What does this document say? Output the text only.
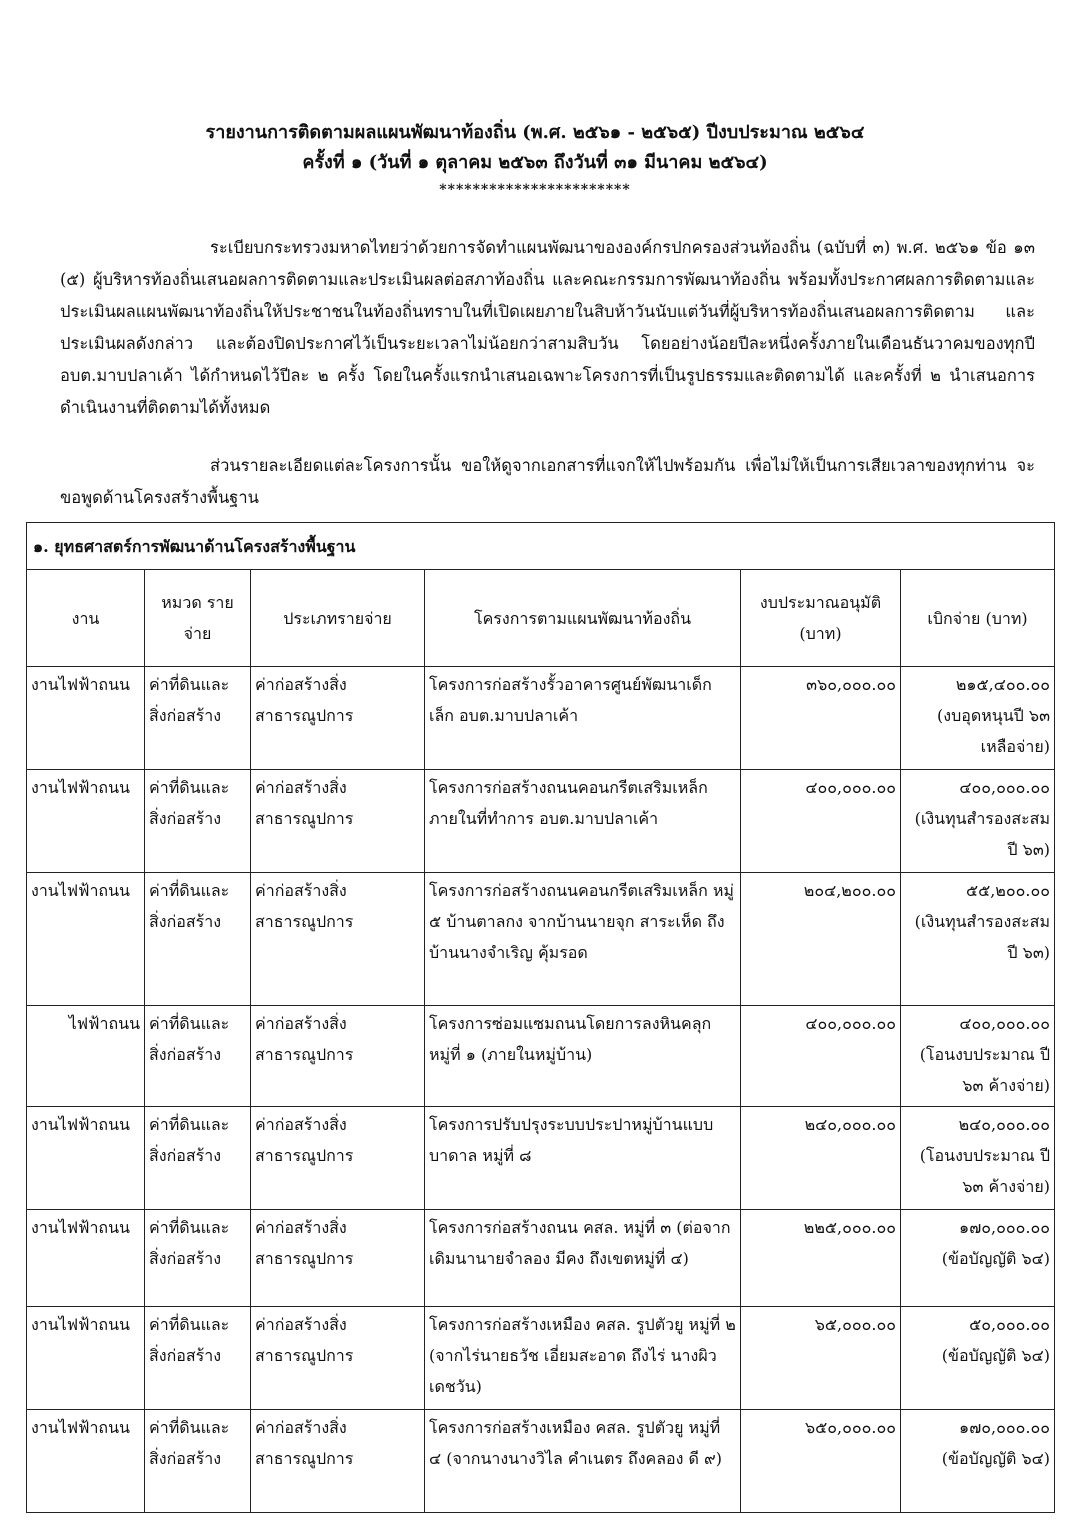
รายงานการติดตามผลแผนพัฒนาท้องถิ่น (พ.ศ. ๒๕๖๑ - ๒๕๖๕) ปีงบประมาณ ๒๕๖๔
ครั้งที่ ๑ (วันที่ ๑ ตุลาคม ๒๕๖๓ ถึงวันที่ ๓๑ มีนาคม ๒๕๖๔)
***********************
ระเบียบกระทรวงมหาดไทยว่าด้วยการจัดทำแผนพัฒนาขององค์กรปกครองส่วนท้องถิ่น (ฉบับที่ ๓) พ.ศ. ๒๕๖๑ ข้อ ๑๓ (๕) ผู้บริหารท้องถิ่นเสนอผลการติดตามและประเมินผลต่อสภาท้องถิ่น และคณะกรรมการพัฒนาท้องถิ่น พร้อมทั้งประกาศผลการติดตามและประเมินผลแผนพัฒนาท้องถิ่นให้ประชาชนในท้องถิ่นทราบในที่เปิดเผยภายในสิบห้าวันนับแต่วันที่ผู้บริหารท้องถิ่นเสนอผลการติดตาม และประเมินผลดังกล่าว และต้องปิดประกาศไว้เป็นระยะเวลาไม่น้อยกว่าสามสิบวัน โดยอย่างน้อยปีละหนึ่งครั้งภายในเดือนธันวาคมของทุกปี อบต.มาบปลาเค้า ได้กำหนดไว้ปีละ ๒ ครั้ง โดยในครั้งแรกนำเสนอเฉพาะโครงการที่เป็นรูปธรรมและติดตามได้ และครั้งที่ ๒ นำเสนอการดำเนินงานที่ติดตามได้ทั้งหมด
ส่วนรายละเอียดแต่ละโครงการนั้น ขอให้ดูจากเอกสารที่แจกให้ไปพร้อมกัน เพื่อไม่ให้เป็นการเสียเวลาของทุกท่าน จะขอพูดด้านโครงสร้างพื้นฐาน
๑. ยุทธศาสตร์การพัฒนาด้านโครงสร้างพื้นฐาน					
งาน	หมวด รายจ่าย	ประเภทรายจ่าย	โครงการตามแผนพัฒนาท้องถิ่น	งบประมาณอนุมัติ (บาท)	เบิกจ่าย (บาท)
งานไฟฟ้าถนน	ค่าที่ดินและสิ่งก่อสร้าง	ค่าก่อสร้างสิ่งสาธารณูปการ	โครงการก่อสร้างรั้วอาคารศูนย์พัฒนาเด็กเล็ก อบต.มาบปลาเค้า	๓๖๐,๐๐๐.๐๐	๒๑๕,๔๐๐.๐๐
(งบอุดหนุนปี ๖๓ เหลือจ่าย)

งานไฟฟ้าถนน	ค่าที่ดินและสิ่งก่อสร้าง	ค่าก่อสร้างสิ่งสาธารณูปการ	โครงการก่อสร้างถนนคอนกรีตเสริมเหล็กภายในที่ทำการ อบต.มาบปลาเค้า	๔๐๐,๐๐๐.๐๐	๔๐๐,๐๐๐.๐๐
(เงินทุนสำรองสะสม ปี ๖๓)

งานไฟฟ้าถนน	ค่าที่ดินและสิ่งก่อสร้าง	ค่าก่อสร้างสิ่งสาธารณูปการ	โครงการก่อสร้างถนนคอนกรีตเสริมเหล็ก หมู่ ๕ บ้านตาลกง จากบ้านนายจุก สาระเห็ด ถึงบ้านนางจำเริญ คุ้มรอด	๒๐๔,๒๐๐.๐๐	๕๕,๒๐๐.๐๐
(เงินทุนสำรองสะสม ปี ๖๓)

ไฟฟ้าถนน	ค่าที่ดินและสิ่งก่อสร้าง	ค่าก่อสร้างสิ่งสาธารณูปการ	โครงการซ่อมแซมถนนโดยการลงหินคลุก หมู่ที่ ๑ (ภายในหมู่บ้าน)	๔๐๐,๐๐๐.๐๐	๔๐๐,๐๐๐.๐๐
(โอนงบประมาณ ปี ๖๓ ค้างจ่าย)

งานไฟฟ้าถนน	ค่าที่ดินและสิ่งก่อสร้าง	ค่าก่อสร้างสิ่งสาธารณูปการ	โครงการปรับปรุงระบบประปาหมู่บ้านแบบบาดาล หมู่ที่ ๘	๒๔๐,๐๐๐.๐๐	๒๔๐,๐๐๐.๐๐
(โอนงบประมาณ ปี ๖๓ ค้างจ่าย)

งานไฟฟ้าถนน	ค่าที่ดินและสิ่งก่อสร้าง	ค่าก่อสร้างสิ่งสาธารณูปการ	โครงการก่อสร้างถนน คสล. หมู่ที่ ๓ (ต่อจากเดิมนานายจำลอง มีคง ถึงเขตหมู่ที่ ๔)	๒๒๕,๐๐๐.๐๐	๑๗๐,๐๐๐.๐๐
(ข้อบัญญัติ ๖๔)

งานไฟฟ้าถนน	ค่าที่ดินและสิ่งก่อสร้าง	ค่าก่อสร้างสิ่งสาธารณูปการ	โครงการก่อสร้างเหมือง คสล. รูปตัวยู หมู่ที่ ๒ (จากไร่นายธวัช เอี่ยมสะอาด ถึงไร่ นางผิว เดชวัน)	๖๕,๐๐๐.๐๐	๕๐,๐๐๐.๐๐
(ข้อบัญญัติ ๖๔)

งานไฟฟ้าถนน	ค่าที่ดินและสิ่งก่อสร้าง	ค่าก่อสร้างสิ่งสาธารณูปการ	โครงการก่อสร้างเหมือง คสล. รูปตัวยู หมู่ที่ ๔ (จากนางนางวิไล คำเนตร ถึงคลอง ดี ๙)	๖๕๐,๐๐๐.๐๐	๑๗๐,๐๐๐.๐๐
(ข้อบัญญัติ ๖๔)
